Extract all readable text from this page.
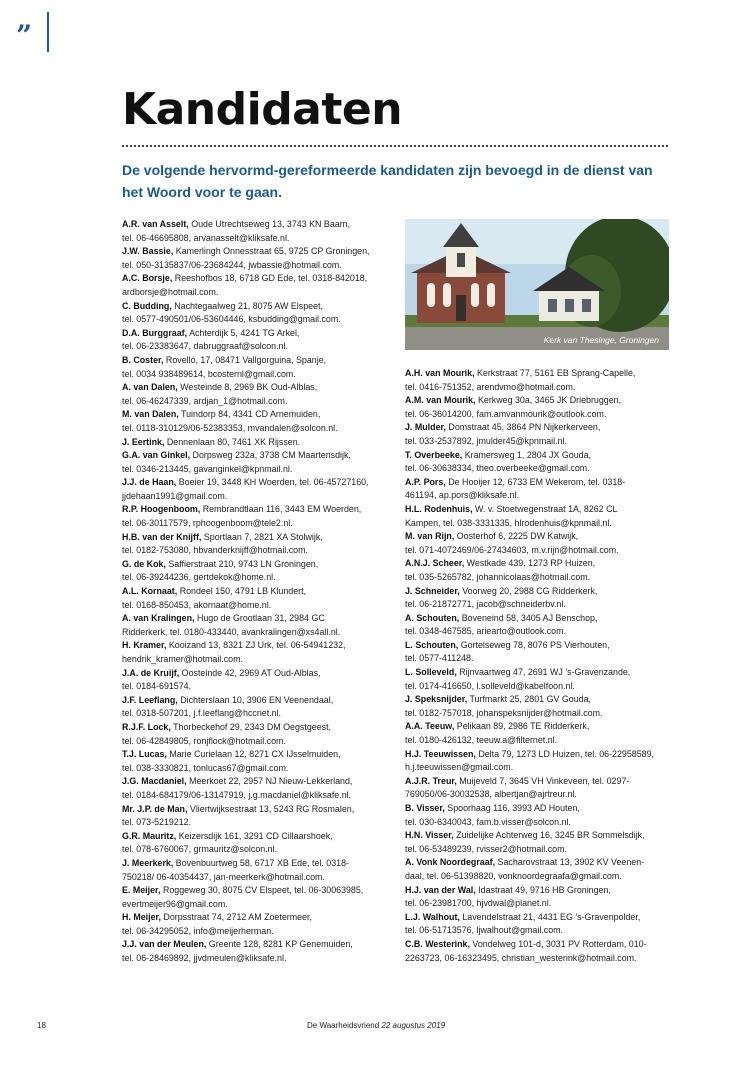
”
Kandidaten

De volgende hervormd-gereformeerde kandidaten zijn bevoegd in de dienst van het Woord voor te gaan.

A.R. van Asselt, Oude Utrechtseweg 13, 3743 KN Baarn,
tel. 06-46695808, arvanasselt@kliksafe.nl.

J.W. Bassie, Kamerlingh Onnesstraat 65, 9725 CP Groningen,
tel. 050-3135837/06-23684244, jwbassie@hotmail.com.

A.C. Borsje, Reeshofbos 18, 6718 GD Ede, tel. 0318-842018,
ardborsje@hotmail.com.

C. Budding, Nachtegaalweg 21, 8075 AW Elspeet,
tel. 0577-490501/06-53604446, ksbudding@gmail.com.

D.A. Burggraaf, Achterdijk 5, 4241 TG Arkel,
tel. 06-23383647, dabruggraaf@solcon.nl.

B. Coster, Rovelló, 17, 08471 Vallgorguina, Spanje,
tel. 0034 938489614, bcosternl@gmail.com.

A. van Dalen, Westeinde 8, 2969 BK Oud-Alblas,
tel. 06-46247339, ardjan_1@hotmail.com.

M. van Dalen, Tuindorp 84, 4341 CD Arnemuiden,
tel. 0118-310129/06-52383353, mvandalen@solcon.nl.

J. Eertink, Dennenlaan 80, 7461 XK Rijssen.

G.A. van Ginkel, Dorpsweg 232a, 3738 CM Maartensdijk,
tel. 0346-213445, gavanginkel@kpnmail.nl.

J.J. de Haan, Boeier 19, 3448 KH Woerden, tel. 06-45727160,
jjdehaan1991@gmail.com.

R.P. Hoogenboom, Rembrandtlaan 116, 3443 EM Woerden,
tel. 06-30117579, rphoogenboom@tele2.nl.

H.B. van der Knijff, Sportlaan 7, 2821 XA Stolwijk,
tel. 0182-753080, hbvanderknijff@hotmail.com.

G. de Kok, Saffierstraat 210, 9743 LN Groningen,
tel. 06-39244236, gertdekok@home.nl.

A.L. Kornaat, Rondeel 150, 4791 LB Klundert,
tel. 0168-850453, akornaat@home.nl.

A. van Kralingen, Hugo de Grootlaan 31, 2984 GC
Ridderkerk, tel. 0180-433440, avankralingen@xs4all.nl.

H. Kramer, Kooizand 13, 8321 ZJ Urk, tel. 06-54941232,
hendrik_kramer@hotmail.com.

J.A. de Kruijf, Oosteinde 42, 2969 AT Oud-Alblas,
tel. 0184-691574.

J.F. Leeflang, Dichterslaan 10, 3906 EN Veenendaal,
tel. 0318-507201, j.f.leeflang@hccnet.nl.

R.J.F. Lock, Thorbeckehof 29, 2343 DM Oegstgeest,
tel. 06-42849805, ronjflock@hotmail.com.

T.J. Lucas, Marie Curielaan 12, 8271 CX IJsselmuiden,
tel. 038-3330821, tonlucas67@gmail.com.

J.G. Macdaniel, Meerkoet 22, 2957 NJ Nieuw-Lekkerland,
tel. 0184-684179/06-13147919, j.g.macdaniel@kliksafe.nl.

Mr. J.P. de Man, Vliertwijksestraat 13, 5243 RG Rosmalen,
tel. 073-5219212.

G.R. Mauritz, Keizersdijk 161, 3291 CD Cillaarshoek,
tel. 078-6760067, grmauritz@solcon.nl.

J. Meerkerk, Bovenbuurtweg 58, 6717 XB Ede, tel. 0318-
750218/ 06-40354437, jan-meerkerk@hotmail.com.

E. Meijer, Roggeweg 30, 8075 CV Elspeet, tel. 06-30063985,
evertmeijer96@gmail.com.

H. Meijer, Dorpsstraat 74, 2712 AM Zoetermeer,
tel. 06-34295052, info@meijerherman.

J.J. van der Meulen, Greente 128, 8281 KP Genemuiden,
tel. 06-28469892, jjvdmeulen@kliksafe.nl.

Kerk van Thesinge, Groningen

A.H. van Mourik, Kerkstraat 77, 5161 EB Sprang-Capelle,
tel. 0416-751352, arendvmo@hotmail.com.

A.M. van Mourik, Kerkweg 30a, 3465 JK Driebruggen,
tel. 06-36014200, fam.amvanmourik@outlook.com.

J. Mulder, Domstraat 45, 3864 PN Nijkerkerveen,
tel. 033-2537892, jmulder45@kpnmail.nl.

T. Overbeeke, Kramersweg 1, 2804 JX Gouda,
tel. 06-30638334, theo.overbeeke@gmail.com.

A.P. Pors, De Hooijer 12, 6733 EM Wekerom, tel. 0318-
461194, ap.pors@kliksafe.nl.

H.L. Rodenhuis, W. v. Stoetwegenstraat 1A, 8262 CL
Kampen, tel. 038-3331335, hlrodenhuis@kpnmail.nl.

M. van Rijn, Oosterhof 6, 2225 DW Katwijk,
tel. 071-4072469/06-27434603, m.v.rijn@hotmail.com.

A.N.J. Scheer, Westkade 439, 1273 RP Huizen,
tel. 035-5265782, johannicolaas@hotmail.com.

J. Schneider, Voorweg 20, 2988 CG Ridderkerk,
tel. 06-21872771, jacob@schneiderbv.nl.

A. Schouten, Boveneind 58, 3405 AJ Benschop,
tel. 0348-467585, ariearto@outlook.com.

L. Schouten, Gortelseweg 78, 8076 PS Vierhouten,
tel. 0577-411248.

L. Solleveld, Rijnvaartweg 47, 2691 WJ ’s-Gravenzande,
tel. 0174-416650, l.solleveld@kabelfoon.nl.

J. Speksnijder, Turfmarkt 25, 2801 GV Gouda,
tel. 0182-757018, johanspeksnijder@hotmail.com.

A.A. Teeuw, Pelikaan 89, 2986 TE Ridderkerk,
tel. 0180-426132, teeuw.a@filternet.nl.

H.J. Teeuwissen, Delta 79, 1273 LD Huizen, tel. 06-22958589,
h.j.teeuwissen@gmail.com.

A.J.R. Treur, Muijeveld 7, 3645 VH Vinkeveen, tel. 0297-
769050/06-30032538, albertjan@ajrtreur.nl.

B. Visser, Spoorhaag 116, 3993 AD Houten,
tel. 030-6340043, fam.b.visser@solcon.nl.

H.N. Visser, Zuidelijke Achterweg 16, 3245 BR Sommelsdijk,
tel. 06-53489239, rvisser2@hotmail.com.

A. Vonk Noordegraaf, Sacharovstraat 13, 3902 KV Veenen-
daal, tel. 06-51398820, vonknoordegraafa@gmail.com.

H.J. van der Wal, Idastraat 49, 9716 HB Groningen,
tel. 06-23981700, hjvdwal@planet.nl.

L.J. Walhout, Lavendelstraat 21, 4431 EG ’s-Gravenpolder,
tel. 06-51713576, ljwalhout@gmail.com.

C.B. Westerink, Vondelweg 101-d, 3031 PV Rotterdam, 010-
2263723, 06-16323495, christian_westerink@hotmail.com.

18	De Waarheidsvriend 22 augustus 2019
